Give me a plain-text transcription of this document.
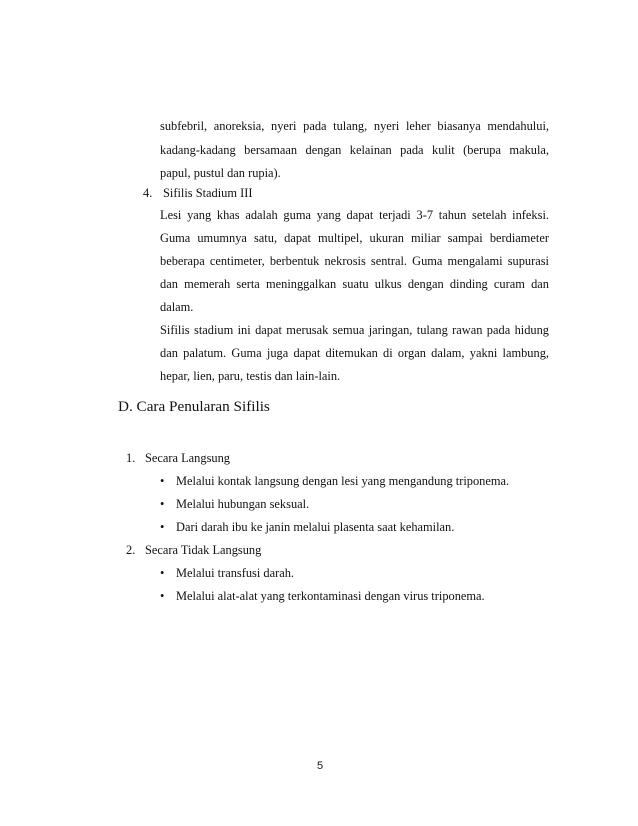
subfebril, anoreksia, nyeri pada tulang, nyeri leher biasanya mendahului,
kadang-kadang bersamaan dengan kelainan pada kulit (berupa makula,
papul, pustul dan rupia).
4. Sifilis Stadium III
Lesi yang khas adalah guma yang dapat terjadi 3-7 tahun setelah infeksi.
Guma umumnya satu, dapat multipel, ukuran miliar sampai berdiameter
beberapa centimeter, berbentuk nekrosis sentral. Guma mengalami supurasi
dan memerah serta meninggalkan suatu ulkus dengan dinding curam dan
dalam.
Sifilis stadium ini dapat merusak semua jaringan, tulang rawan pada hidung
dan palatum. Guma juga dapat ditemukan di organ dalam, yakni lambung,
hepar, lien, paru, testis dan lain-lain.
D. Cara Penularan Sifilis
1. Secara Langsung
• Melalui kontak langsung dengan lesi yang mengandung triponema.
• Melalui hubungan seksual.
• Dari darah ibu ke janin melalui plasenta saat kehamilan.
2. Secara Tidak Langsung
• Melalui transfusi darah.
• Melalui alat-alat yang terkontaminasi dengan virus triponema.
5
